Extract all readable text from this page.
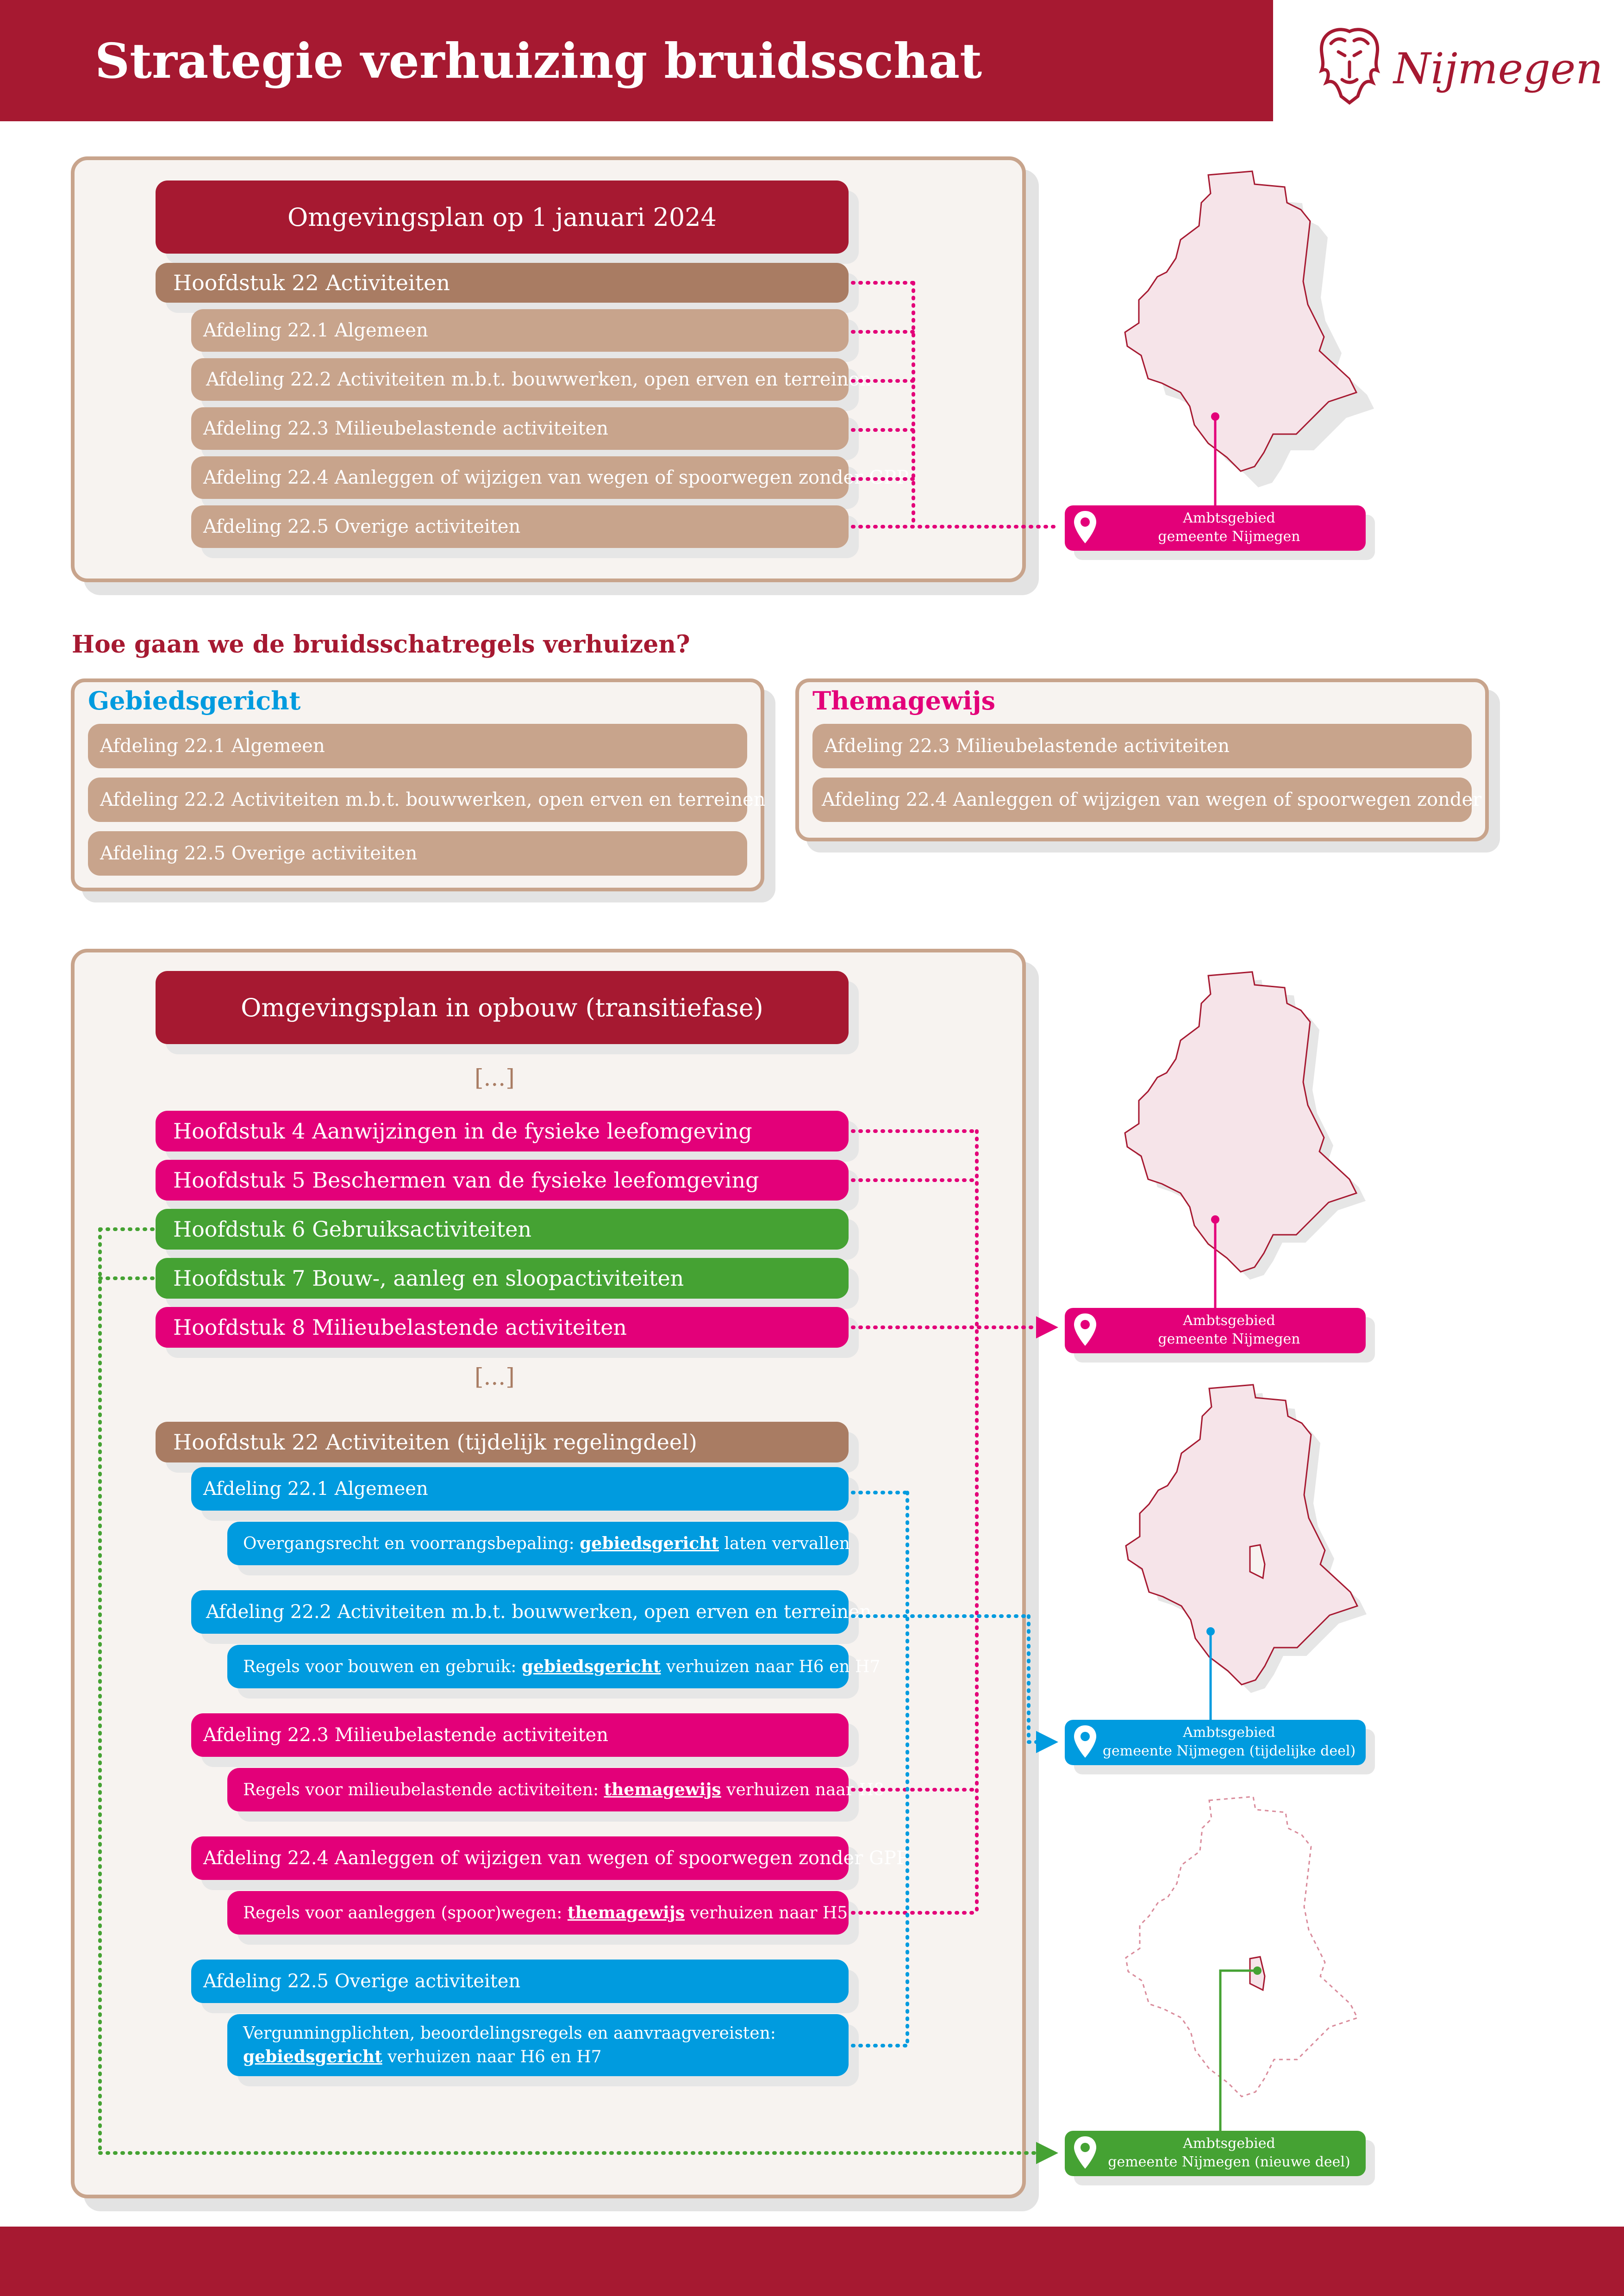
Strategie verhuizing bruidsschat	Nijmegen
Omgevingsplan op 1 januari 2024
Hoofdstuk 22 Activiteiten
Afdeling 22.1 Algemeen
Afdeling 22.2 Activiteiten m.b.t. bouwwerken, open erven en terreinen
Afdeling 22.3 Milieubelastende activiteiten
Afdeling 22.4 Aanleggen of wijzigen van wegen of spoorwegen zonder GPP
Afdeling 22.5 Overige activiteiten
Hoe gaan we de bruidsschatregels verhuizen?
Gebiedsgericht
Afdeling 22.1 Algemeen
Afdeling 22.2 Activiteiten m.b.t. bouwwerken, open erven en terreinen
Afdeling 22.5 Overige activiteiten
Themagewijs
Afdeling 22.3 Milieubelastende activiteiten
Afdeling 22.4 Aanleggen of wijzigen van wegen of spoorwegen zonder
Omgevingsplan in opbouw (transitiefase)
[...]
Hoofdstuk 4 Aanwijzingen in de fysieke leefomgeving
Hoofdstuk 5 Beschermen van de fysieke leefomgeving
Hoofdstuk 6 Gebruiksactiviteiten
Hoofdstuk 7 Bouw-, aanleg en sloopactiviteiten
Hoofdstuk 8 Milieubelastende activiteiten
[...]
Hoofdstuk 22 Activiteiten (tijdelijk regelingdeel)
Afdeling 22.1 Algemeen
Overgangsrecht en voorrangsbepaling: gebiedsgericht laten vervallen
Afdeling 22.2 Activiteiten m.b.t. bouwwerken, open erven en terreinen
Regels voor bouwen en gebruik: gebiedsgericht verhuizen naar H6 en H7
Afdeling 22.3 Milieubelastende activiteiten
Regels voor milieubelastende activiteiten: themagewijs verhuizen naar H8
Afdeling 22.4 Aanleggen of wijzigen van wegen of spoorwegen zonder GPP
Regels voor aanleggen (spoor)wegen: themagewijs verhuizen naar H5
Afdeling 22.5 Overige activiteiten
Vergunningplichten, beoordelingsregels en aanvraagvereisten:
gebiedsgericht verhuizen naar H6 en H7
Ambtsgebied
gemeente Nijmegen
Ambtsgebied
gemeente Nijmegen
Ambtsgebied
gemeente Nijmegen (tijdelijke deel)
Ambtsgebied
gemeente Nijmegen (nieuwe deel)
